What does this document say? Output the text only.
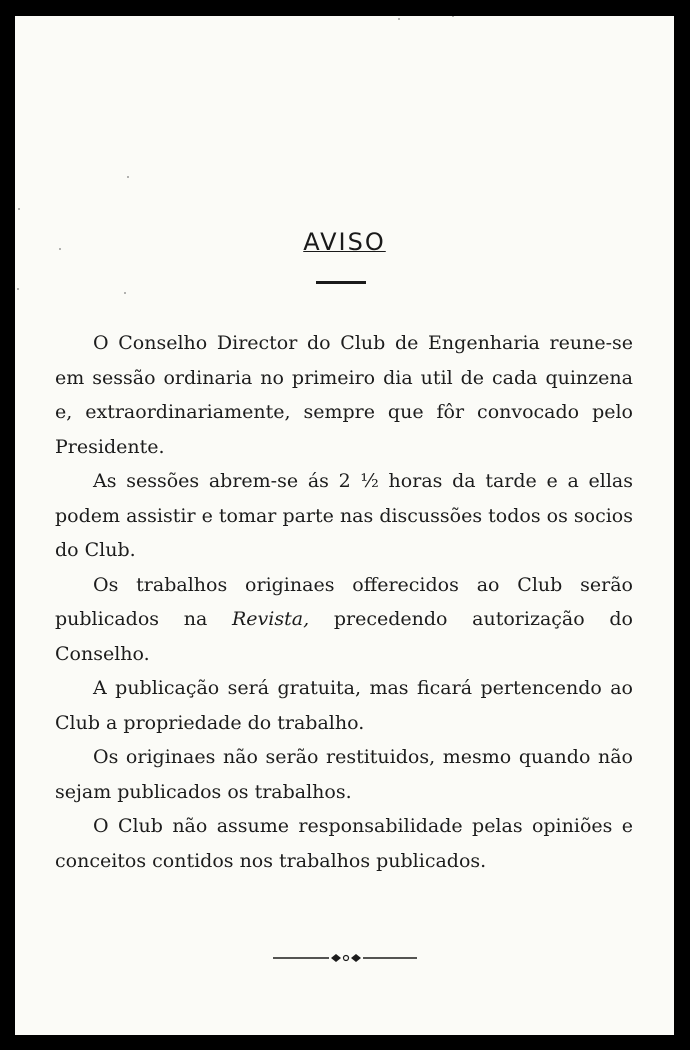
AVISO

O Conselho Director do Club de Engenharia reune-se em sessão ordinaria no primeiro dia util de cada quinzena e, extraordinariamente, sempre que fôr convocado pelo Presidente.

As sessões abrem-se ás 2 ½ horas da tarde e a ellas podem assistir e tomar parte nas discussões todos os socios do Club.

Os trabalhos originaes offerecidos ao Club serão publicados na Revista, precedendo autorização do Conselho.

A publicação será gratuita, mas ficará pertencendo ao Club a propriedade do trabalho.

Os originaes não serão restituidos, mesmo quando não sejam publicados os trabalhos.

O Club não assume responsabilidade pelas opiniões e conceitos contidos nos trabalhos publicados.
